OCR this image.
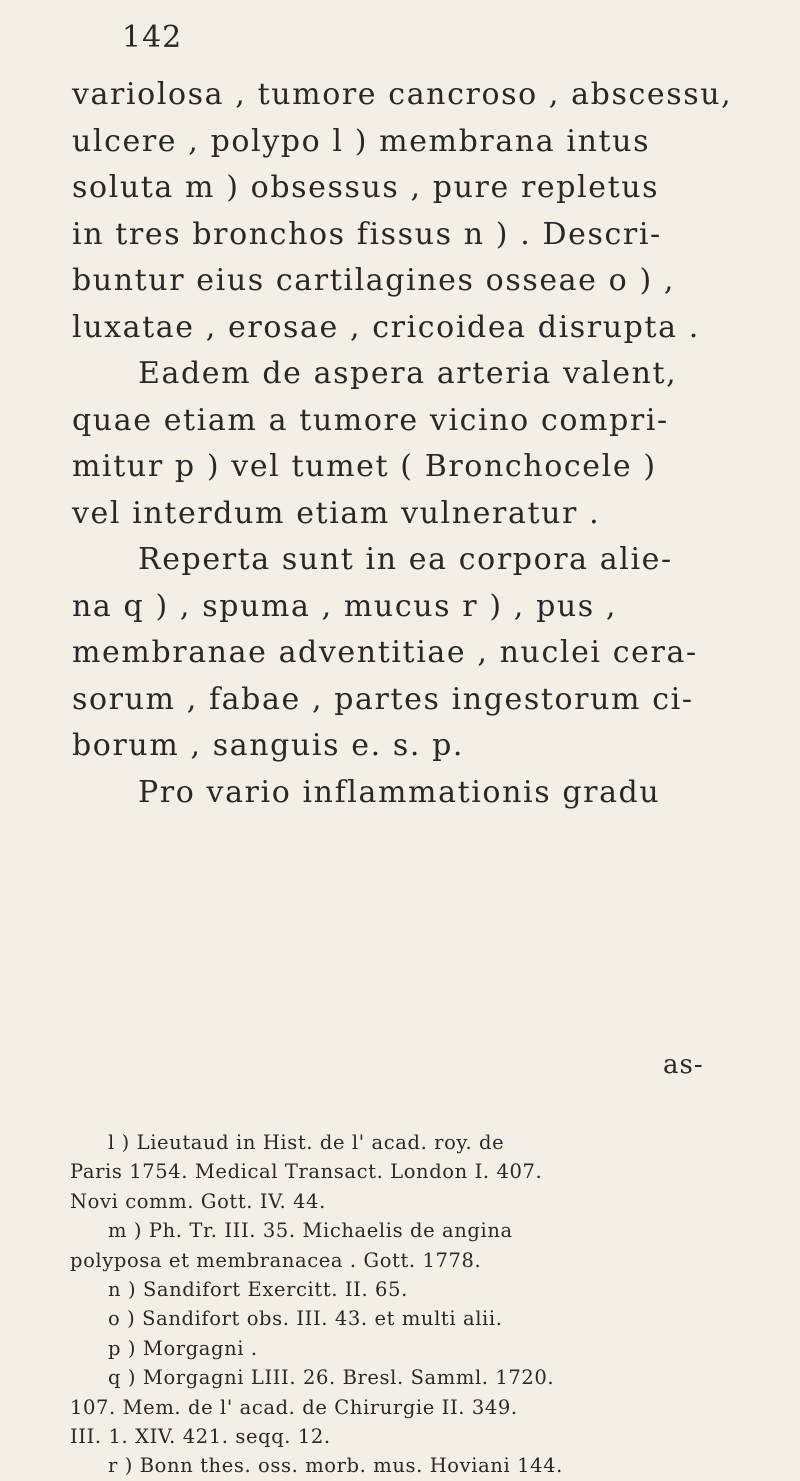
142
variolosa , tumore cancroso , abscessu,
ulcere , polypo l ) membrana intus
soluta m ) obsessus , pure repletus
in tres bronchos fissus n ) . Descri-
buntur eius cartilagines osseae o ) ,
luxatae , erosae , cricoidea disrupta .
Eadem de aspera arteria valent,
quae etiam a tumore vicino compri-
mitur p ) vel tumet ( Bronchocele )
vel interdum etiam vulneratur .
Reperta sunt in ea corpora alie-
na q ) , spuma , mucus r ) , pus ,
membranae adventitiae , nuclei cera-
sorum , fabae , partes ingestorum ci-
borum , sanguis e. s. p.
Pro vario inflammationis gradu
as-
l ) Lieutaud in Hist. de l' acad. roy. de
Paris 1754. Medical Transact. London I. 407.
Novi comm. Gott. IV. 44.
m ) Ph. Tr. III. 35. Michaelis de angina
polyposa et membranacea . Gott. 1778.
n ) Sandifort Exercitt. II. 65.
o ) Sandifort obs. III. 43. et multi alii.
p ) Morgagni .
q ) Morgagni LIII. 26. Bresl. Samml. 1720.
107. Mem. de l' acad. de Chirurgie II. 349.
III. 1. XIV. 421. seqq. 12.
r ) Bonn thes. oss. morb. mus. Hoviani 144.
